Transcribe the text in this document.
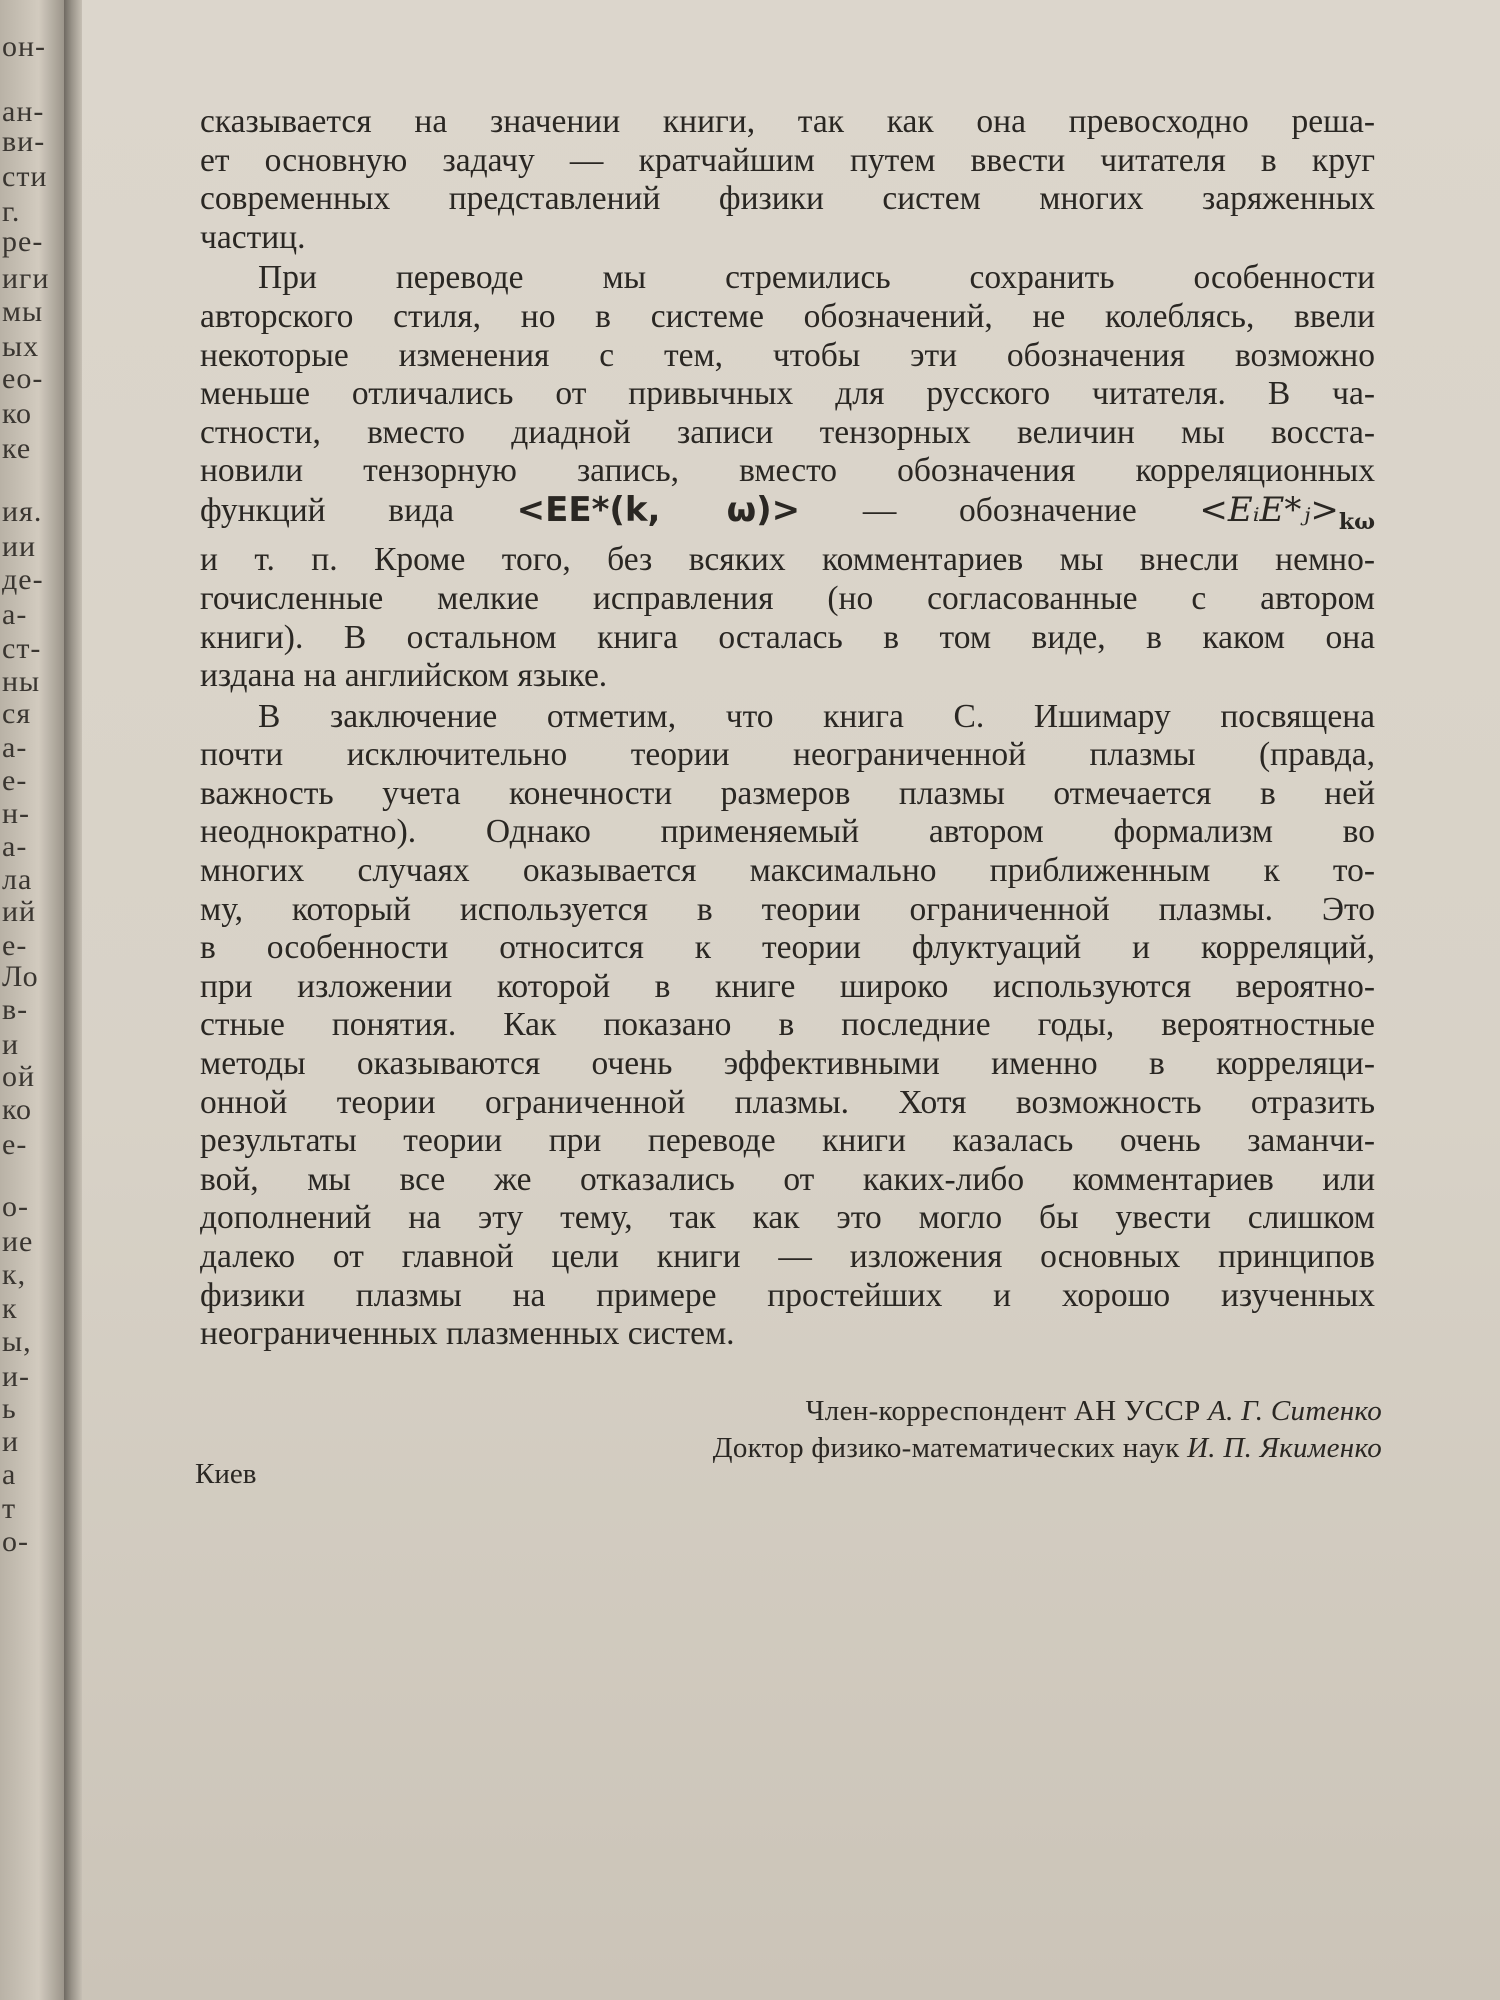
он-
ан-
ви-
сти
г.
ре-
иги
мы
ых
ео-
ко
ке
ия.
ии
де-
а-
ст-
ны
ся
а-
е-
н-
а-
ла
ий
е-
Ло
в-
и
ой
ко
е-
о-
ие
к,
к
ы,
и-
ь
и
а
т
о-

сказывается на значении книги, так как она превосходно реша-
ет основную задачу — кратчайшим путем ввести читателя в круг
современных представлений физики систем многих заряженных
частиц.

При переводе мы стремились сохранить особенности
авторского стиля, но в системе обозначений, не колеблясь, ввели
некоторые изменения с тем, чтобы эти обозначения возможно
меньше отличались от привычных для русского читателя. В ча-
стности, вместо диадной записи тензорных величин мы восста-
новили тензорную запись, вместо обозначения корреляционных

функций вида <EE*(k, ω)> — обозначение $<EᵢE*ⱼ>_{k\omega}$

и т. п. Кроме того, без всяких комментариев мы внесли немно-
гочисленные мелкие исправления (но согласованные с автором
книги). В остальном книга осталась в том виде, в каком она
издана на английском языке.

В заключение отметим, что книга С. Ишимару посвящена
почти исключительно теории неограниченной плазмы (правда,
важность учета конечности размеров плазмы отмечается в ней
неоднократно). Однако применяемый автором формализм во
многих случаях оказывается максимально приближенным к то-
му, который используется в теории ограниченной плазмы. Это
в особенности относится к теории флуктуаций и корреляций,
при изложении которой в книге широко используются вероятно-
стные понятия. Как показано в последние годы, вероятностные
методы оказываются очень эффективными именно в корреляци-
онной теории ограниченной плазмы. Хотя возможность отразить
результаты теории при переводе книги казалась очень заманчи-
вой, мы все же отказались от каких-либо комментариев или
дополнений на эту тему, так как это могло бы увести слишком
далеко от главной цели книги — изложения основных принципов
физики плазмы на примере простейших и хорошо изученных
неограниченных плазменных систем.

Член-корреспондент АН УССР А. Г. Ситенко
Доктор физико-математических наук И. П. Якименко
Киев
